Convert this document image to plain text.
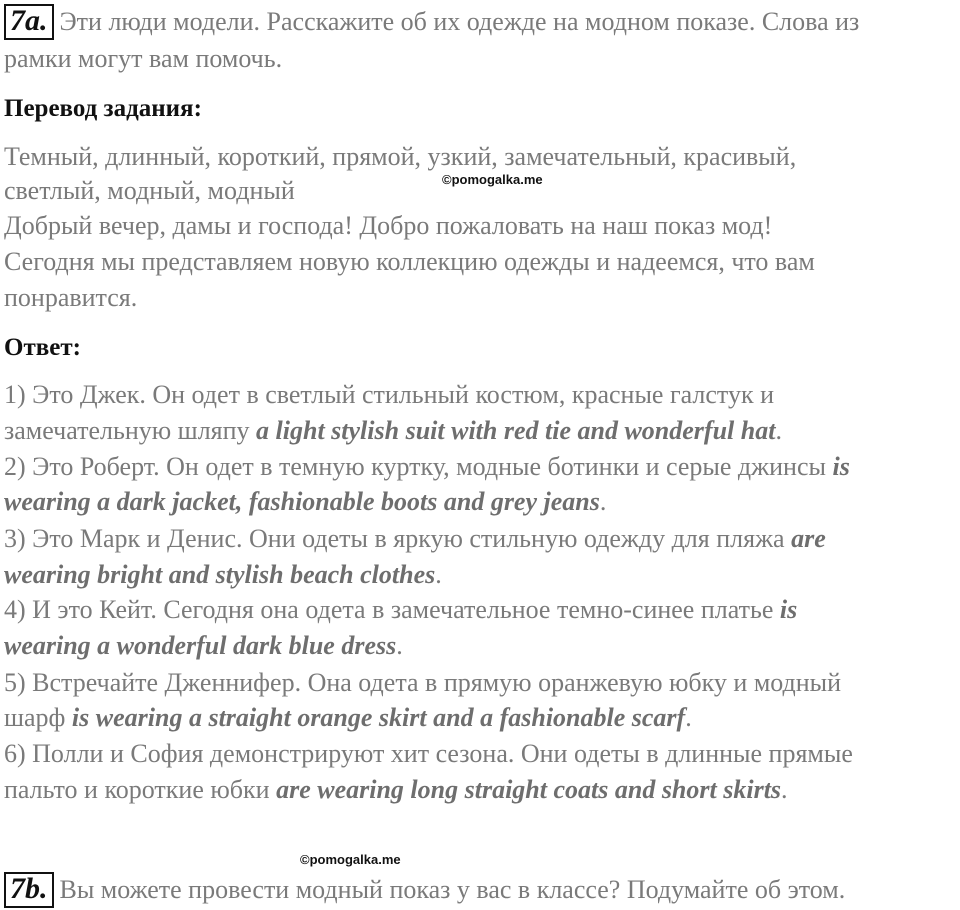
7a. Эти люди модели. Расскажите об их одежде на модном показе. Слова из
рамки могут вам помочь.
Перевод задания:
Темный, длинный, короткий, прямой, узкий, замечательный, красивый,
светлый, модный, модный	©pomogalka.me
Добрый вечер, дамы и господа! Добро пожаловать на наш показ мод!
Сегодня мы представляем новую коллекцию одежды и надеемся, что вам
понравится.
Ответ:
1) Это Джек. Он одет в светлый стильный костюм, красные галстук и
замечательную шляпу a light stylish suit with red tie and wonderful hat.
2) Это Роберт. Он одет в темную куртку, модные ботинки и серые джинсы is
wearing a dark jacket, fashionable boots and grey jeans.
3) Это Марк и Денис. Они одеты в яркую стильную одежду для пляжа are
wearing bright and stylish beach clothes.
4) И это Кейт. Сегодня она одета в замечательное темно-синее платье is
wearing a wonderful dark blue dress.
5) Встречайте Дженнифер. Она одета в прямую оранжевую юбку и модный
шарф is wearing a straight orange skirt and a fashionable scarf.
6) Полли и София демонстрируют хит сезона. Они одеты в длинные прямые
пальто и короткие юбки are wearing long straight coats and short skirts.
©pomogalka.me
7b. Вы можете провести модный показ у вас в классе? Подумайте об этом.
